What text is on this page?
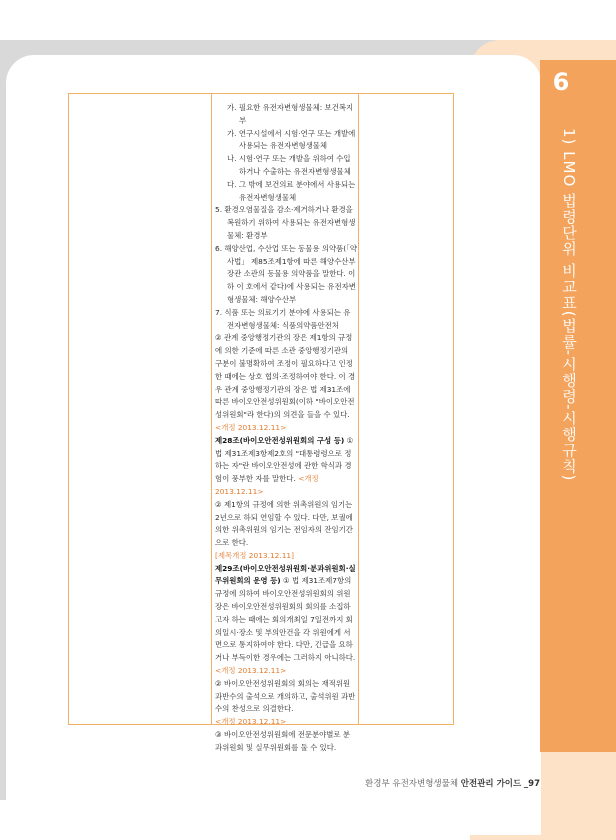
6
1) LMO 법령단위 비교표(법률-시행령-시행규칙)

가. 필요한 유전자변형생물체: 보건복지부

가. 연구시설에서 시험·연구 또는 개발에 사용되는 유전자변형생물체

나. 시험·연구 또는 개발을 위하여 수입하거나 수출하는 유전자변형생물체

다. 그 밖에 보건의료 분야에서 사용되는 유전자변형생물체

5. 환경오염물질을 감소·제거하거나 환경을 복원하기 위하여 사용되는 유전자변형생물체: 환경부

6. 해양산업, 수산업 또는 동물용 의약품(「약사법」 제85조제1항에 따른 해양수산부장관 소관의 동물용 의약품을 말한다. 이하 이 호에서 같다)에 사용되는 유전자변형생물체: 해양수산부

7. 식품 또는 의료기기 분야에 사용되는 유전자변형생물체: 식품의약품안전처

② 관계 중앙행정기관의 장은 제1항의 규정에 의한 기준에 따른 소관 중앙행정기관의 구분이 불명확하여 조정이 필요하다고 인정한 때에는 상호 협의·조정하여야 한다. 이 경우 관계 중앙행정기관의 장은 법 제31조에 따른 바이오안전성위원회(이하 "바이오안전성위원회"라 한다)의 의견을 들을 수 있다.

<개정 2013.12.11>

제28조(바이오안전성위원회의 구성 등) ① 법 제31조제3항제2호의 "대통령령으로 정하는 자"란 바이오안전성에 관한 학식과 경험이 풍부한 자를 말한다. <개정 2013.12.11>

② 제1항의 규정에 의한 위촉위원의 임기는 2년으로 하되 연임할 수 있다. 다만, 보궐에 의한 위촉위원의 임기는 전임자의 잔임기간으로 한다.

[제목개정 2013.12.11]

제29조(바이오안전성위원회·분과위원회·실무위원회의 운영 등) ① 법 제31조제7항의 규정에 의하여 바이오안전성위원회의 위원장은 바이오안전성위원회의 회의를 소집하고자 하는 때에는 회의개최일 7일전까지 회의일시·장소 및 부의안건을 각 위원에게 서면으로 통지하여야 한다. 다만, 긴급을 요하거나 부득이한 경우에는 그러하지 아니하다.

<개정 2013.12.11>

② 바이오안전성위원회의 회의는 재적위원 과반수의 출석으로 개의하고, 출석위원 과반수의 찬성으로 의결한다.

<개정 2013.12.11>

③ 바이오안전성위원회에 전문분야별로 분과위원회 및 실무위원회를 둘 수 있다.

환경부 유전자변형생물체 안전관리 가이드 _97
